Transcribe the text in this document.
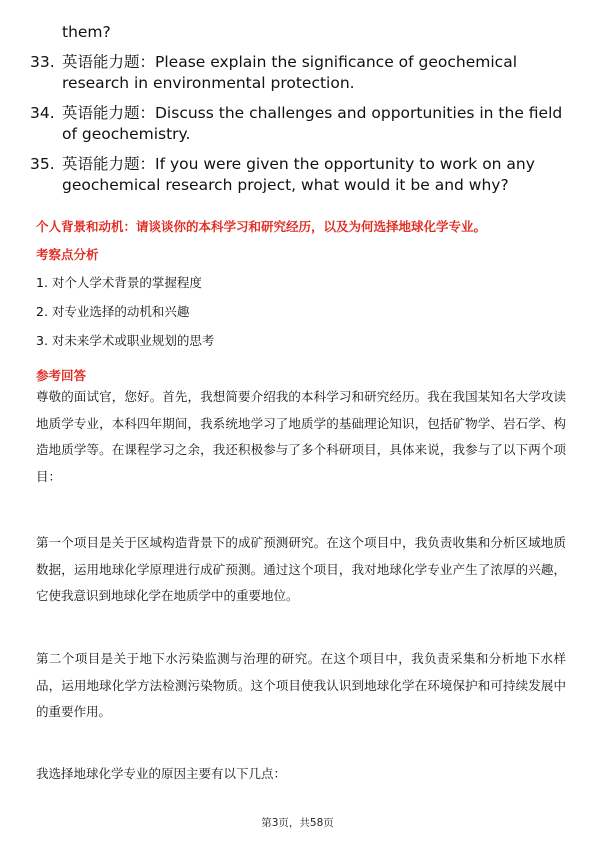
them?
33. 英语能力题：Please explain the significance of geochemical research in environmental protection.
34. 英语能力题：Discuss the challenges and opportunities in the field of geochemistry.
35. 英语能力题：If you were given the opportunity to work on any geochemical research project, what would it be and why?
个人背景和动机：请谈谈你的本科学习和研究经历，以及为何选择地球化学专业。
考察点分析
1. 对个人学术背景的掌握程度
2. 对专业选择的动机和兴趣
3. 对未来学术或职业规划的思考
参考回答
尊敬的面试官，您好。首先，我想简要介绍我的本科学习和研究经历。我在我国某知名大学攻读地质学专业，本科四年期间，我系统地学习了地质学的基础理论知识，包括矿物学、岩石学、构造地质学等。在课程学习之余，我还积极参与了多个科研项目，具体来说，我参与了以下两个项目：
第一个项目是关于区域构造背景下的成矿预测研究。在这个项目中，我负责收集和分析区域地质数据，运用地球化学原理进行成矿预测。通过这个项目，我对地球化学专业产生了浓厚的兴趣，它使我意识到地球化学在地质学中的重要地位。
第二个项目是关于地下水污染监测与治理的研究。在这个项目中，我负责采集和分析地下水样品，运用地球化学方法检测污染物质。这个项目使我认识到地球化学在环境保护和可持续发展中的重要作用。
我选择地球化学专业的原因主要有以下几点：
第3页，共58页
